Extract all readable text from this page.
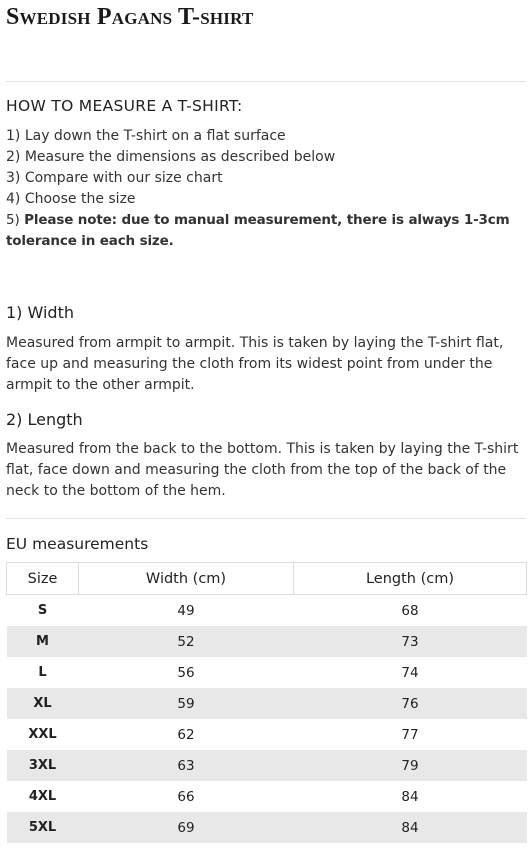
Swedish Pagans T-shirt
HOW TO MEASURE A T-SHIRT:
1) Lay down the T-shirt on a flat surface
2) Measure the dimensions as described below
3) Compare with our size chart
4) Choose the size
5) Please note: due to manual measurement, there is always 1-3cm tolerance in each size.
1) Width

Measured from armpit to armpit. This is taken by laying the T-shirt flat, face up and measuring the cloth from its widest point from under the armpit to the other armpit.

2) Length

Measured from the back to the bottom. This is taken by laying the T-shirt flat, face down and measuring the cloth from the top of the back of the neck to the bottom of the hem.

EU measurements
Size	Width (cm)	Length (cm)
S	49	68
M	52	73
L	56	74
XL	59	76
XXL	62	77
3XL	63	79
4XL	66	84
5XL	69	84
